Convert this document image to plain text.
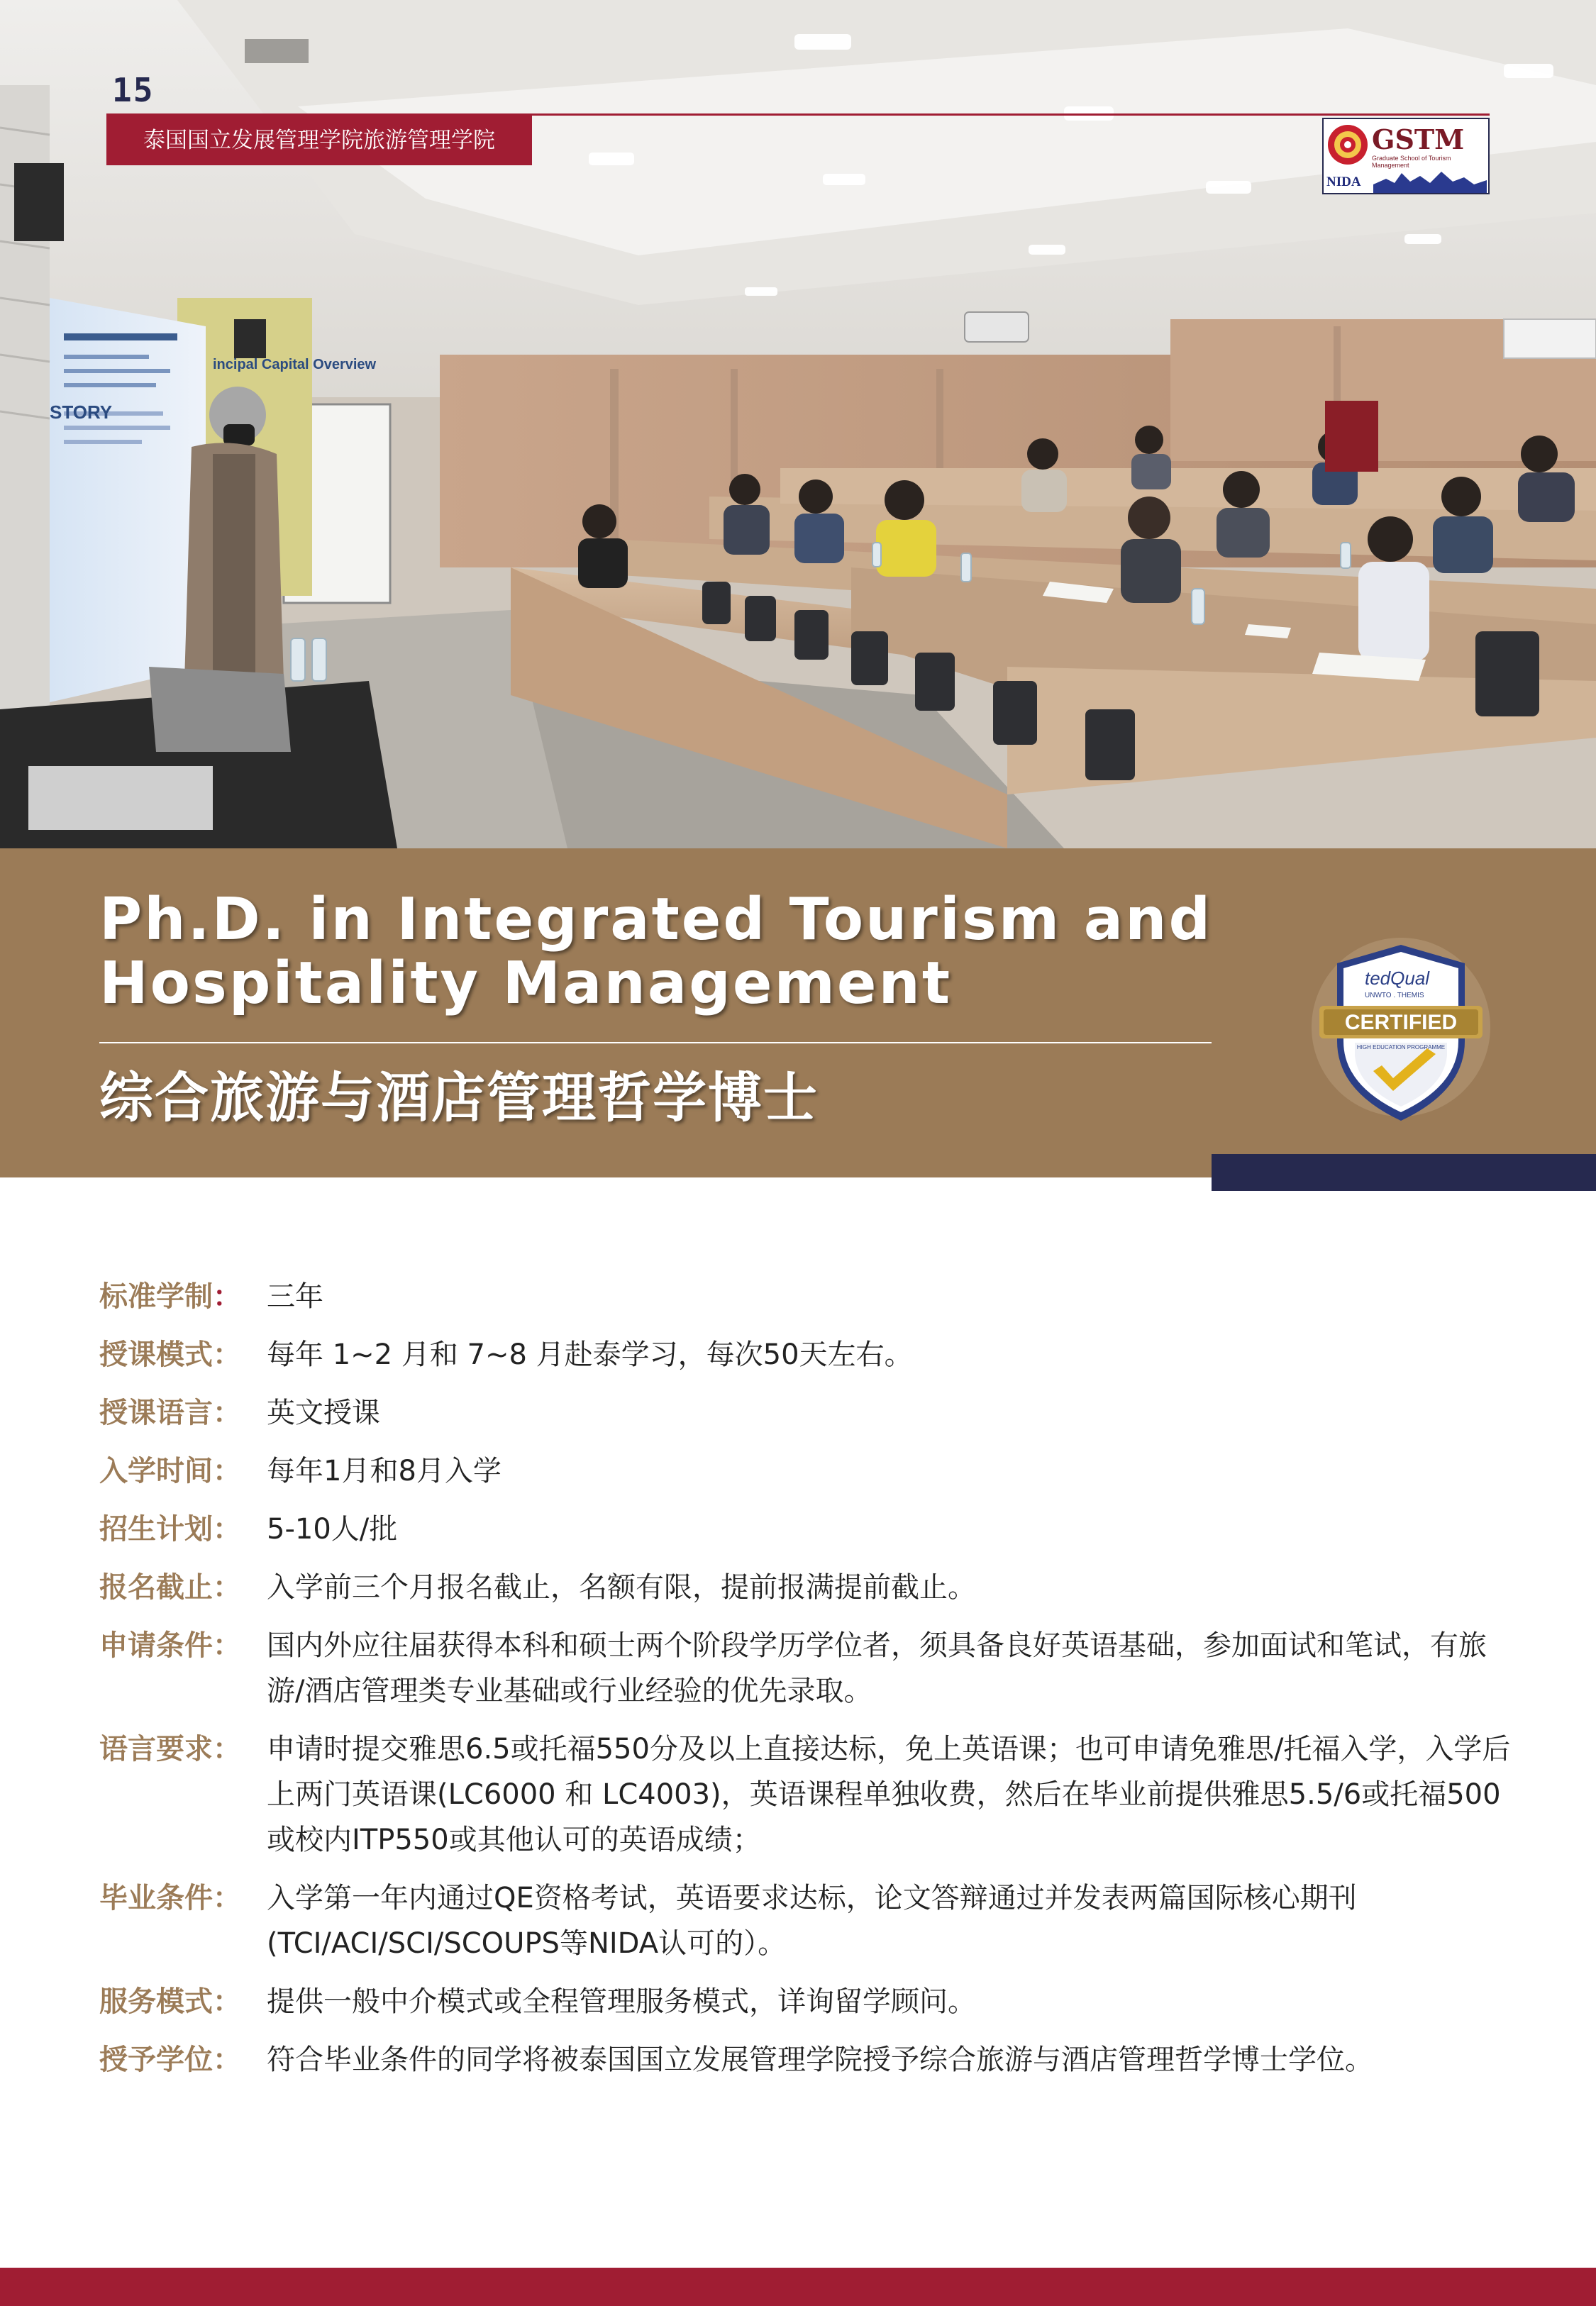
incipal Capital Overview
STORY
15
泰国国立发展管理学院旅游管理学院	GSTM
Graduate School of Tourism Management
NIDA
Ph.D. in Integrated Tourism and
Hospitality Management
综合旅游与酒店管理哲学博士
tedQual
UNWTO . THEMIS
CERTIFIED
HIGH EDUCATION PROGRAMME
标准学制： 三年
授课模式： 每年 1~2 月和 7~8 月赴泰学习，每次50天左右。
授课语言： 英文授课
入学时间： 每年1月和8月入学
招生计划： 5-10人/批
报名截止： 入学前三个月报名截止，名额有限，提前报满提前截止。
申请条件： 国内外应往届获得本科和硕士两个阶段学历学位者，须具备良好英语基础，参加面试和笔试，有旅游/酒店管理类专业基础或行业经验的优先录取。
语言要求： 申请时提交雅思6.5或托福550分及以上直接达标，免上英语课；也可申请免雅思/托福入学，入学后上两门英语课(LC6000 和 LC4003)，英语课程单独收费，然后在毕业前提供雅思5.5/6或托福500或校内ITP550或其他认可的英语成绩；
毕业条件： 入学第一年内通过QE资格考试，英语要求达标，论文答辩通过并发表两篇国际核心期刊(TCI/ACI/SCI/SCOUPS等NIDA认可的）。
服务模式： 提供一般中介模式或全程管理服务模式，详询留学顾问。
授予学位： 符合毕业条件的同学将被泰国国立发展管理学院授予综合旅游与酒店管理哲学博士学位。
